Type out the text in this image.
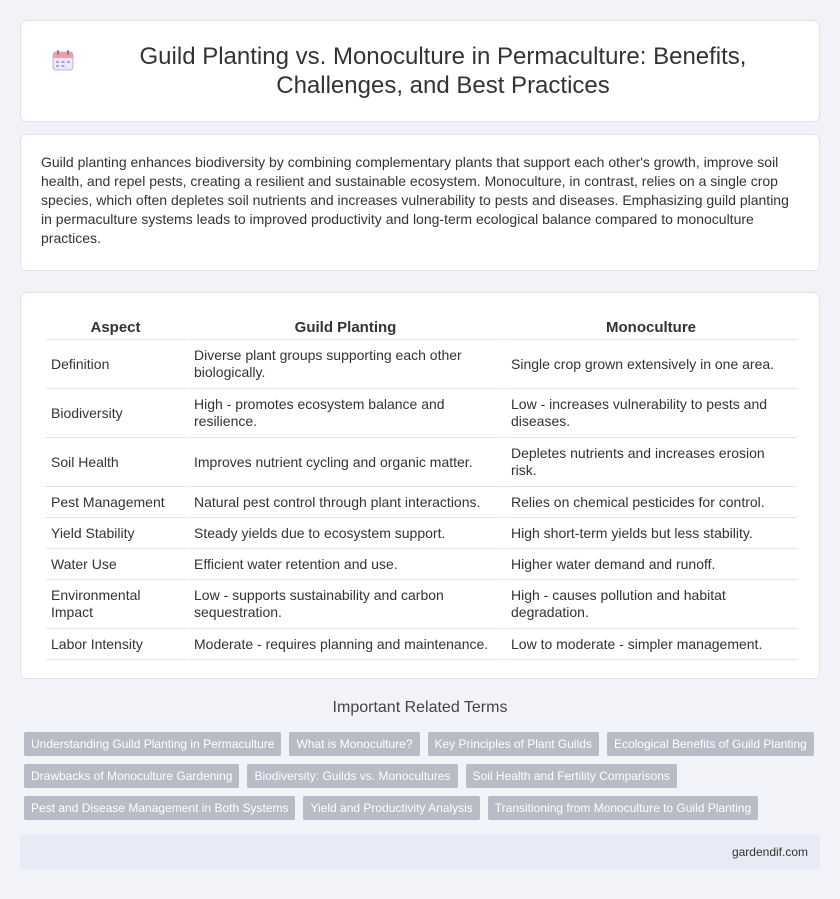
Guild Planting vs. Monoculture in Permaculture: Benefits, Challenges, and Best Practices

Guild planting enhances biodiversity by combining complementary plants that support each other's growth, improve soil health, and repel pests, creating a resilient and sustainable ecosystem. Monoculture, in contrast, relies on a single crop species, which often depletes soil nutrients and increases vulnerability to pests and diseases. Emphasizing guild planting in permaculture systems leads to improved productivity and long-term ecological balance compared to monoculture practices.

Aspect	Guild Planting	Monoculture
Definition	Diverse plant groups supporting each other biologically.	Single crop grown extensively in one area.
Biodiversity	High - promotes ecosystem balance and resilience.	Low - increases vulnerability to pests and diseases.
Soil Health	Improves nutrient cycling and organic matter.	Depletes nutrients and increases erosion risk.
Pest Management	Natural pest control through plant interactions.	Relies on chemical pesticides for control.
Yield Stability	Steady yields due to ecosystem support.	High short-term yields but less stability.
Water Use	Efficient water retention and use.	Higher water demand and runoff.
Environmental Impact	Low - supports sustainability and carbon sequestration.	High - causes pollution and habitat degradation.
Labor Intensity	Moderate - requires planning and maintenance.	Low to moderate - simpler management.
Important Related Terms
Understanding Guild Planting in Permaculture	What is Monoculture?	Key Principles of Plant Guilds	Ecological Benefits of Guild Planting
Drawbacks of Monoculture Gardening	Biodiversity: Guilds vs. Monocultures	Soil Health and Fertility Comparisons
Pest and Disease Management in Both Systems	Yield and Productivity Analysis	Transitioning from Monoculture to Guild Planting
gardendif.com
